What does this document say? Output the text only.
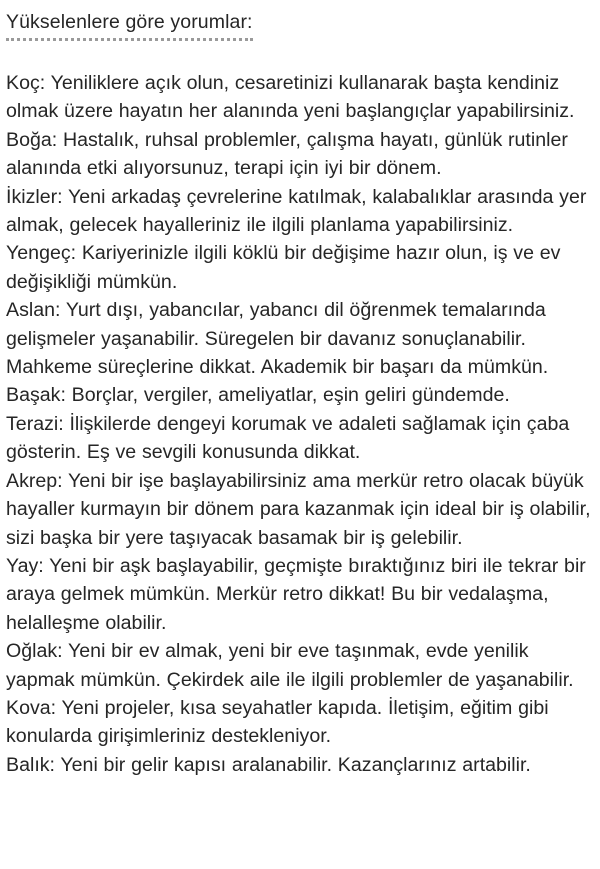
Yükselenlere göre yorumlar:

Koç: Yeniliklere açık olun, cesaretinizi kullanarak başta kendiniz olmak üzere hayatın her alanında yeni başlangıçlar yapabilirsiniz.

Boğa: Hastalık, ruhsal problemler, çalışma hayatı, günlük rutinler alanında etki alıyorsunuz, terapi için iyi bir dönem.

İkizler: Yeni arkadaş çevrelerine katılmak, kalabalıklar arasında yer almak, gelecek hayalleriniz ile ilgili planlama yapabilirsiniz.

Yengeç: Kariyerinizle ilgili köklü bir değişime hazır olun, iş ve ev değişikliği mümkün.

Aslan: Yurt dışı, yabancılar, yabancı dil öğrenmek temalarında gelişmeler yaşanabilir. Süregelen bir davanız sonuçlanabilir. Mahkeme süreçlerine dikkat. Akademik bir başarı da mümkün.

Başak: Borçlar, vergiler, ameliyatlar, eşin geliri gündemde.

Terazi: İlişkilerde dengeyi korumak ve adaleti sağlamak için çaba gösterin. Eş ve sevgili konusunda dikkat.

Akrep: Yeni bir işe başlayabilirsiniz ama merkür retro olacak büyük hayaller kurmayın bir dönem para kazanmak için ideal bir iş olabilir, sizi başka bir yere taşıyacak basamak bir iş gelebilir.

Yay: Yeni bir aşk başlayabilir, geçmişte bıraktığınız biri ile tekrar bir araya gelmek mümkün. Merkür retro dikkat! Bu bir vedalaşma, helalleşme olabilir.

Oğlak: Yeni bir ev almak, yeni bir eve taşınmak, evde yenilik yapmak mümkün. Çekirdek aile ile ilgili problemler de yaşanabilir.

Kova: Yeni projeler, kısa seyahatler kapıda. İletişim, eğitim gibi konularda girişimleriniz destekleniyor.

Balık: Yeni bir gelir kapısı aralanabilir. Kazançlarınız artabilir.
